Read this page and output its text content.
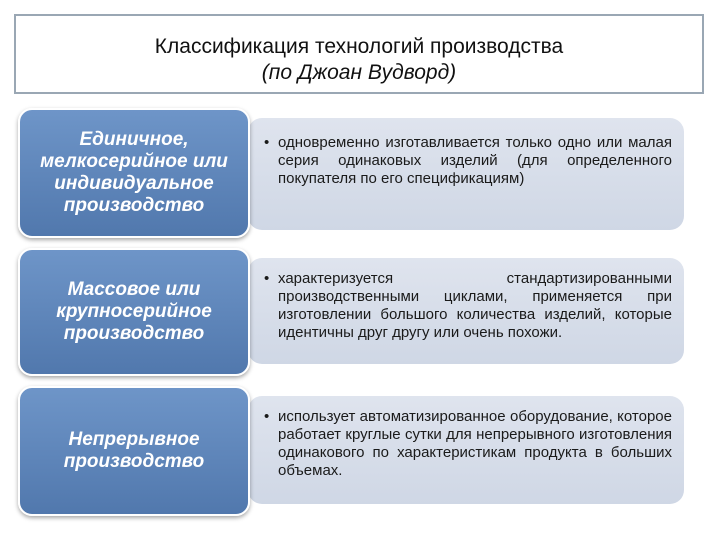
Классификация технологий производства
(по Джоан Вудворд)
• одновременно изготавливается только одно или малая серия одинаковых изделий (для определенного покупателя по его спецификациям)
Единичное, мелкосерийное или индивидуальное производство
• характеризуется стандартизированными производственными циклами, применяется при изготовлении большого количества изделий, которые идентичны друг другу или очень похожи.
Массовое или крупносерийное производство
• использует автоматизированное оборудование, которое работает круглые сутки для непрерывного изготовления одинакового по характеристикам продукта в больших объемах.
Непрерывное производство
